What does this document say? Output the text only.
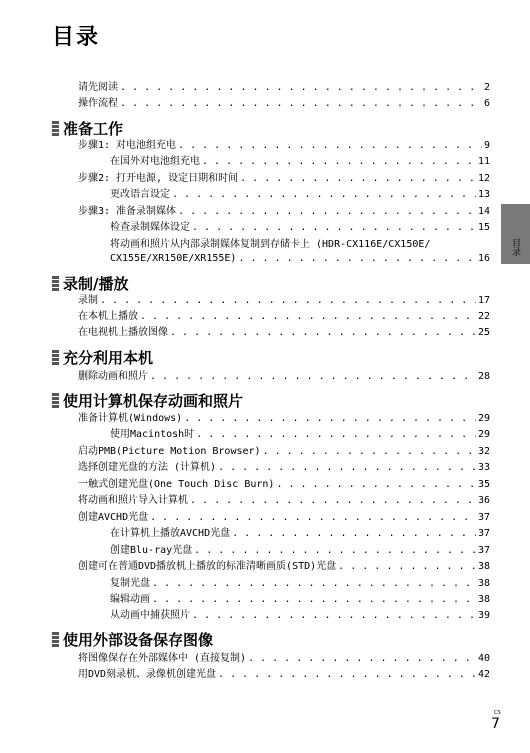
目录
请先阅读 . . .	2
操作流程 . . .	6
准备工作
步骤1: 对电池组充电 . . .	9
在国外对电池组充电 . . .	11
步骤2: 打开电源, 设定日期和时间 . . .	12
更改语言设定 . . .	13
步骤3: 准备录制媒体 . . .	14
检查录制媒体设定 . . .	15
将动画和照片从内部录制媒体复制到存储卡上 (HDR-CX116E/CX150E/
CX155E/XR150E/XR155E) . . .	16
录制/播放
录制 . . .	17
在本机上播放 . . .	22
在电视机上播放图像 . . .	25
充分利用本机
删除动画和照片 . . .	28
使用计算机保存动画和照片
准备计算机(Windows) . . .	29
使用Macintosh时 . . .	29
启动PMB(Picture Motion Browser) . . .	32
选择创建光盘的方法 (计算机) . . .	33
一触式创建光盘(One Touch Disc Burn) . . .	35
将动画和照片导入计算机 . . .	36
创建AVCHD光盘 . . .	37
在计算机上播放AVCHD光盘 . . .	37
创建Blu-ray光盘 . . .	37
创建可在普通DVD播放机上播放的标准清晰画质(STD)光盘 . . .	38
复制光盘 . . .	38
编辑动画 . . .	38
从动画中捕获照片 . . .	39
使用外部设备保存图像
将图像保存在外部媒体中 (直接复制) . . .	40
用DVD刻录机、录像机创建光盘 . . .	42
目录
CS
7
